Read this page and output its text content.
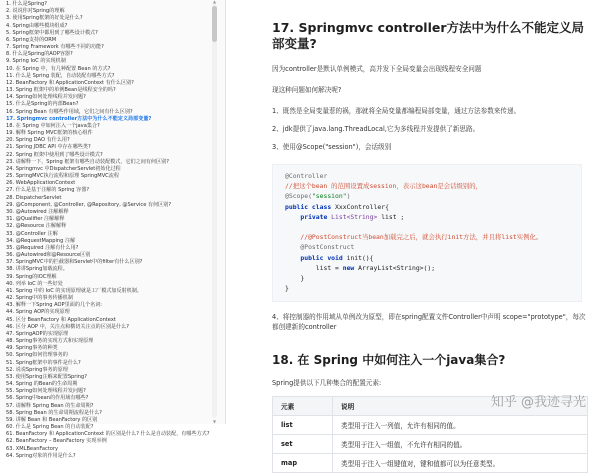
1. 什么是Spring?
2. 说说你对Spring的理解
3. 使用Spring框架的好处是什么?
4. Spring由哪些模块组成?
5. Spring框架中都用到了哪些设计模式?
6. Spring支持的ORM
7. Spring Framework 有哪些不同的功能?
8. 什么是Spring的AOP容器?
9. Spring IoC 的实现机制
10. 在 Spring 中，有几种配置 Bean 的方式?
11. 什么是 Spring 装配，自动装配有哪些方式?
12. BeanFactory 和 ApplicationContext 有什么区别?
13. Spring 框架中的单例Bean是线程安全的吗?
14. Spring如何处理线程并发问题?
15. 什么是Spring的内部Bean?
16. Spring Bean 有哪些作用域，它们之间有什么区别?
17. Springmvc controller方法中为什么不能定义局部变量?
18. 在 Spring 中如何注入一个java集合?
19. 解释 Spring MVC框架的核心组件
20. Spring DAO 有什么用?
21. Spring JDBC API 中存在哪些类?
22. Spring 框架中使用到了哪些设计模式?
23. 请解释一下，Spring 框架有哪些自动装配模式，它们之间有何区别?
24. Springmvc 中DispatcherServlet初始化过程
25. SpringMVC执行流程和原理 SpringMVC流程
26. WebApplicationContext
27. 什么是基于注解的 Spring 容器?
28. DispatcherServlet
29. @Component, @Controller, @Repository, @Service 有何区别?
30. @Autowired 注解解释
31. @Qualifier 注解解释
32. @Resource 注解解释
33. @Controller 注解
34. @RequestMapping 注解
35. @Required 注解有什么用?
36. @Autowired和@Resource区别
37. SpringMVC中的拦截器和Servlet中的filter有什么区别?
38. 讲讲Spring加载流程。
39. Spring的IOC理解
40. 列举 IoC 的一些好处
41. Spring 中的 IoC 的实现原理就是工厂模式加反射机制。
42. Spring中的事务传播机制
43. 解释一下Spring AOP里面的几个名词:
44. Spring AOP的实现原理
45. 区分 BeanFactory 和 ApplicationContext
46. 区分 AOP 中，关注点和横切关注点的区别是什么?
47. SpringAOP的实现原理
48. Spring事务的实现方式和实现原理
49. Spring事务的种类
50. Spring如何管理事务的
51. Spring框架中的事件是什么?
52. 说说Spring事务的原理
53. 使用Spring注解来配置Spring?
54. Spring 的Bean的生命周期
55. Spring如何处理线程并发问题?
56. Spring中bean的作用域有哪些?
57. 请解释 Spring Bean 的生命周期?
58. Spring Bean 的生命周期流程是什么?
59. 讲解 Bean 和 BeanFactory 的区别
60. 什么是 Spring Bean 的自动装配?
61. BeanFactory 和 ApplicationContext 的区别是什么? 什么是自动装配，有哪些方式?
62. BeanFactory – BeanFactory 实现举例
63. XMLBeanFactory
64. Spring对象的作用是什么?
▲
▼
17. Springmvc controller方法中为什么不能定义局部变量?
因为controller是默认单例模式，高并发下全局变量会出现线程安全问题
现这种问题如何解决呢?
1、既然是全局变量惹的祸，那就将全局变量都编程局部变量，通过方法参数来传递。
2、jdk提供了java.lang.ThreadLocal,它为多线程并发提供了新思路。
3、使用@Scope("session")，会话级别
@Controller
//把这个bean 的范围设置成session，表示这bean是会话级别的，
@Scope("session")
public class XxxController{
private List<String> list ;

//@PostConstruct当bean加载完之后，就会执行init方法，并且将list实例化。
@PostConstruct
public void init(){
list = new ArrayList<String>();
}
}
4、将控制器的作用域从单例改为原型，即在spring配置文件Controller中声明 scope="prototype"，每次都创建新的controller
18. 在 Spring 中如何注入一个java集合?
Spring提供以下几种集合的配置元素:
元素	说明
list	类型用于注入一列值，允许有相同的值。
set	类型用于注入一组值，不允许有相同的值。
map	类型用于注入一组键值对，键和值都可以为任意类型。
知乎 @我迹寻光
